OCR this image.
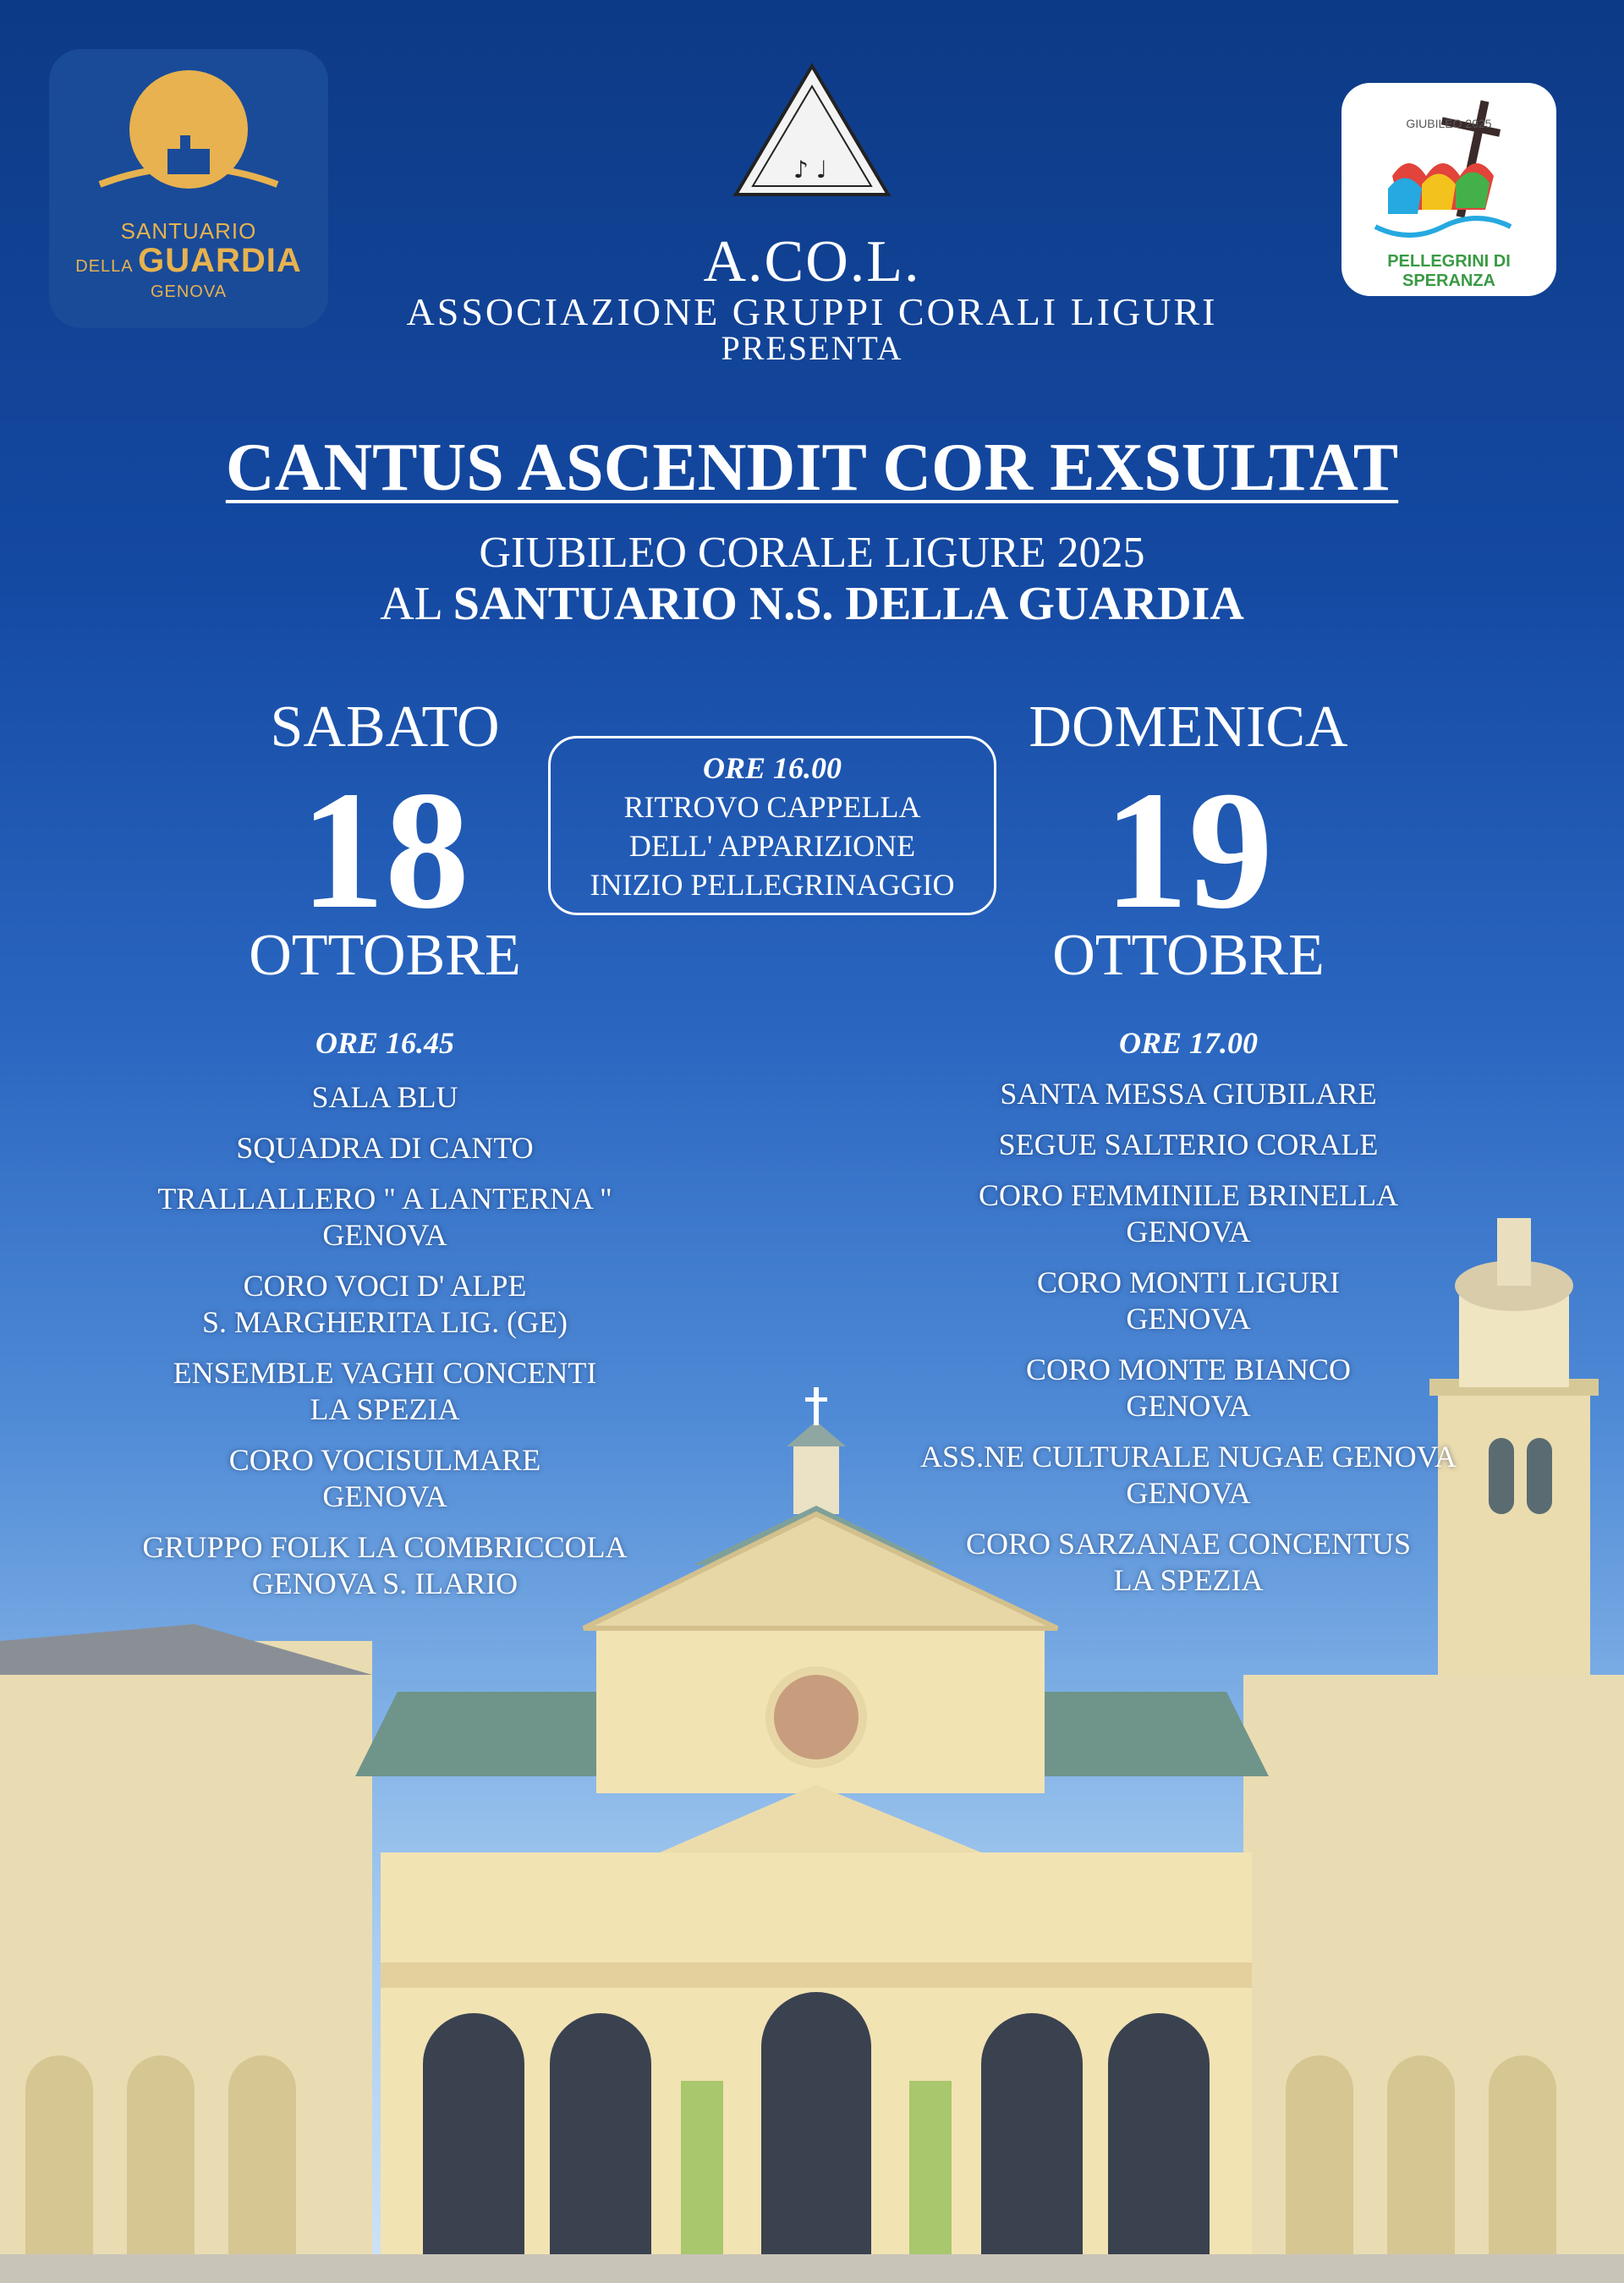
SANTUARIO
DELLA GUARDIA
GENOVA
♪ ♩
GIUBILEO 2025
PELLEGRINI DI SPERANZA
A.CO.L.
ASSOCIAZIONE GRUPPI CORALI LIGURI
PRESENTA
CANTUS ASCENDIT COR EXSULTAT
GIUBILEO CORALE LIGURE 2025
AL SANTUARIO N.S. DELLA GUARDIA
SABATO
18
OTTOBRE
ORE 16.45
SALA BLU
SQUADRA DI CANTO
TRALLALLERO " A LANTERNA "
GENOVA
CORO VOCI D' ALPE
S. MARGHERITA LIG. (GE)
ENSEMBLE VAGHI CONCENTI
LA SPEZIA
CORO VOCISULMARE
GENOVA
GRUPPO FOLK LA COMBRICCOLA
GENOVA S. ILARIO
ORE 16.00
RITROVO CAPPELLA
DELL' APPARIZIONE
INIZIO PELLEGRINAGGIO
DOMENICA
19
OTTOBRE
ORE 17.00
SANTA MESSA GIUBILARE
SEGUE SALTERIO CORALE
CORO FEMMINILE BRINELLA
GENOVA
CORO MONTI LIGURI
GENOVA
CORO MONTE BIANCO
GENOVA
ASS.NE CULTURALE NUGAE GENOVA
GENOVA
CORO SARZANAE CONCENTUS
LA SPEZIA
